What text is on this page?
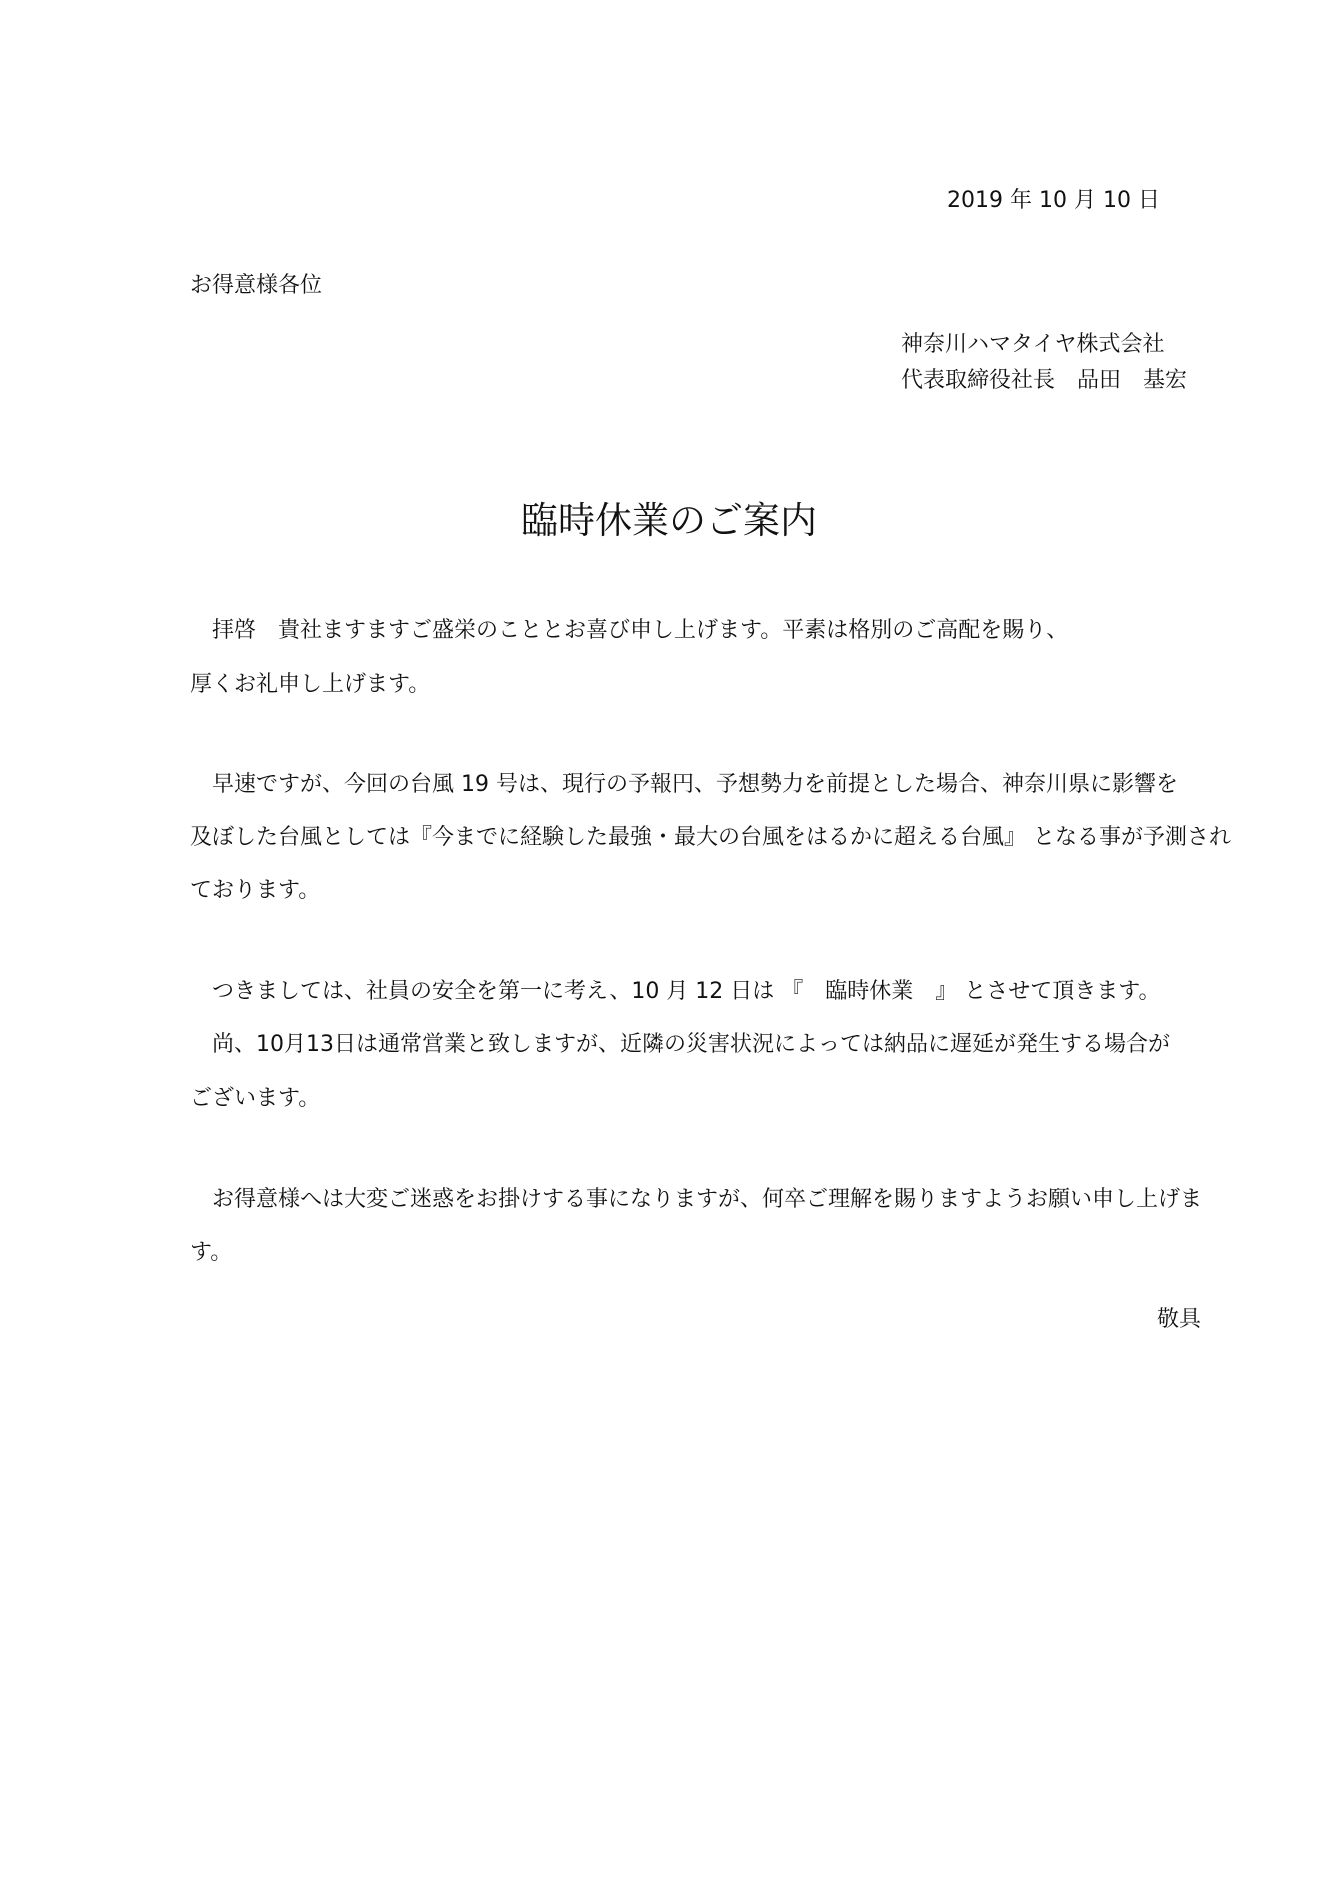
2019 年 10 月 10 日
お得意様各位
神奈川ハマタイヤ株式会社
代表取締役社長　品田　基宏
臨時休業のご案内
　拝啓　貴社ますますご盛栄のこととお喜び申し上げます。平素は格別のご高配を賜り、
厚くお礼申し上げます。
　早速ですが、今回の台風 19 号は、現行の予報円、予想勢力を前提とした場合、神奈川県に影響を
及ぼした台風としては『今までに経験した最強・最大の台風をはるかに超える台風』 となる事が予測され
ております。
　つきましては、社員の安全を第一に考え、10 月 12 日は 『　臨時休業　』 とさせて頂きます。
　尚、10月13日は通常営業と致しますが、近隣の災害状況によっては納品に遅延が発生する場合が
ございます。
　お得意様へは大変ご迷惑をお掛けする事になりますが、何卒ご理解を賜りますようお願い申し上げま
す。
敬具
